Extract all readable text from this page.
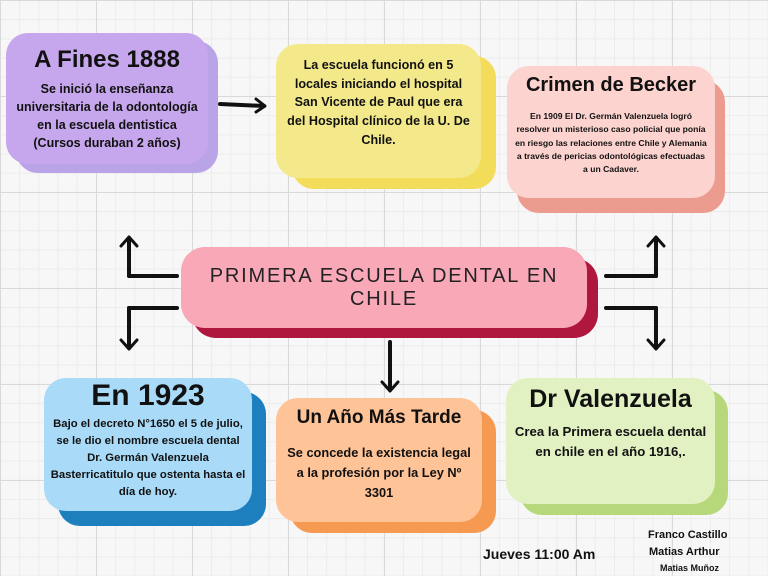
A Fines 1888
Se inició la enseñanza universitaria de la odontología en la escuela dentistica (Cursos duraban 2 años)
La escuela funcionó en 5 locales iniciando el hospital San Vicente de Paul que era del Hospital clínico de la U. De Chile.
Crimen de Becker
En 1909 El Dr. Germán Valenzuela logró resolver un misterioso caso policial que ponía en riesgo las relaciones entre Chile y Alemania a través de pericias odontológicas efectuadas a un Cadaver.
PRIMERA ESCUELA DENTAL EN CHILE
En 1923
Bajo el decreto N°1650 el 5 de julio, se le dio el nombre escuela dental Dr. Germán Valenzuela Basterricatitulo que ostenta hasta el día de hoy.
Un Año Más Tarde
Se concede la existencia legal a la profesión por la Ley Nº 3301
Dr Valenzuela
Crea la Primera escuela dental en chile en el año 1916,.
Jueves 11:00 Am
Franco Castillo
Matias Arthur
Matias Muñoz
